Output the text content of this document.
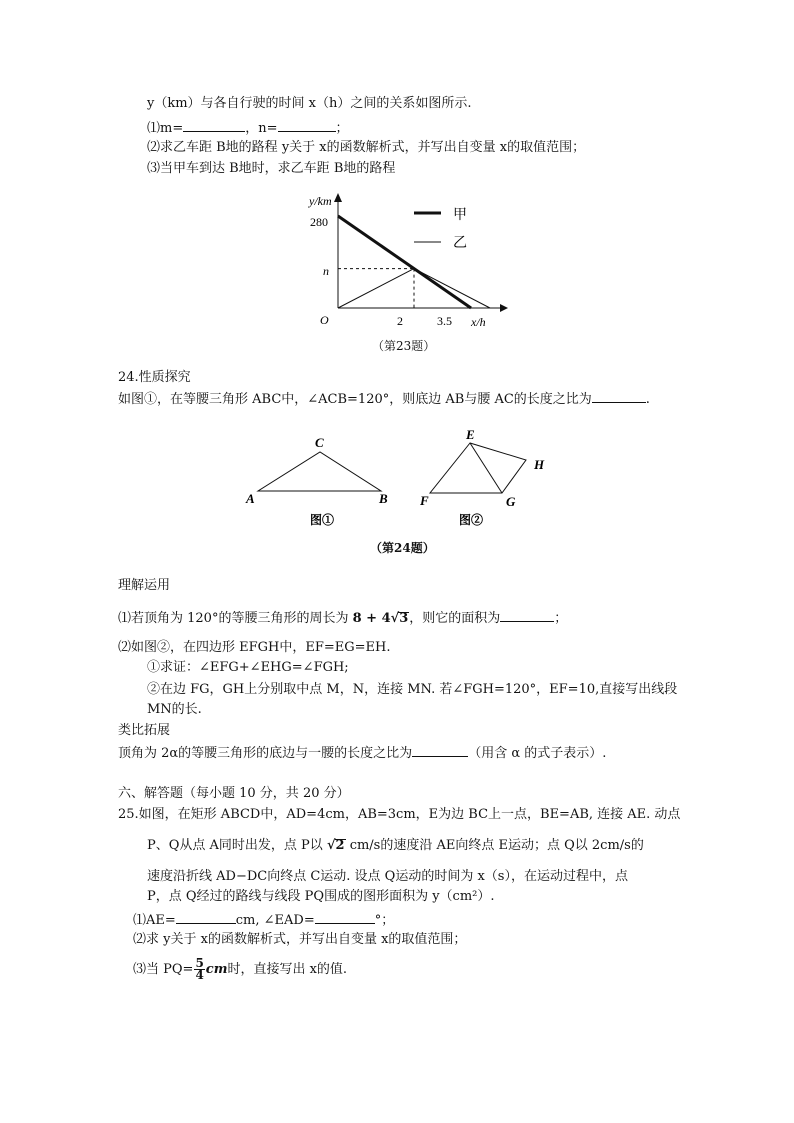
y（km）与各自行驶的时间 x（h）之间的关系如图所示.
⑴m=	，n=	；
⑵求乙车距 B地的路程 y关于 x的函数解析式，并写出自变量 x的取值范围；
⑶当甲车到达 B地时，求乙车距 B地的路程
甲
乙
y/km
280
n
O	2	3.5 x/h
（第23题）
24.性质探究
如图①，在等腰三角形 ABC中，∠ACB=120°，则底边 AB与腰 AC的长度之比为	.
C
A	B
图①
E
H
F	G
图②
（第24题）
理解运用
⑴若顶角为 120°的等腰三角形的周长为 8 + 4√3，则它的面积为	；
⑵如图②，在四边形 EFGH中，EF=EG=EH.
①求证：∠EFG+∠EHG=∠FGH;
②在边 FG，GH上分别取中点 M，N，连接 MN. 若∠FGH=120°，EF=10,直接写出线段
MN的长.
类比拓展
顶角为 2α的等腰三角形的底边与一腰的长度之比为	（用含 α 的式子表示）.
六、解答题（每小题 10 分，共 20 分）
25.如图，在矩形 ABCD中，AD=4cm，AB=3cm，E为边 BC上一点，BE=AB, 连接 AE. 动点
P、Q从点 A同时出发，点 P以 √2 cm/s的速度沿 AE向终点 E运动；点 Q以 2cm/s的
速度沿折线 AD−DC向终点 C运动. 设点 Q运动的时间为 x（s），在运动过程中，点
P，点 Q经过的路线与线段 PQ围成的图形面积为 y（cm²）.
⑴AE=	cm, ∠EAD=	°；
⑵求 y关于 x的函数解析式，并写出自变量 x的取值范围；
⑶当 $PQ= \frac{5}{4}$ cm时，直接写出 x的值.
